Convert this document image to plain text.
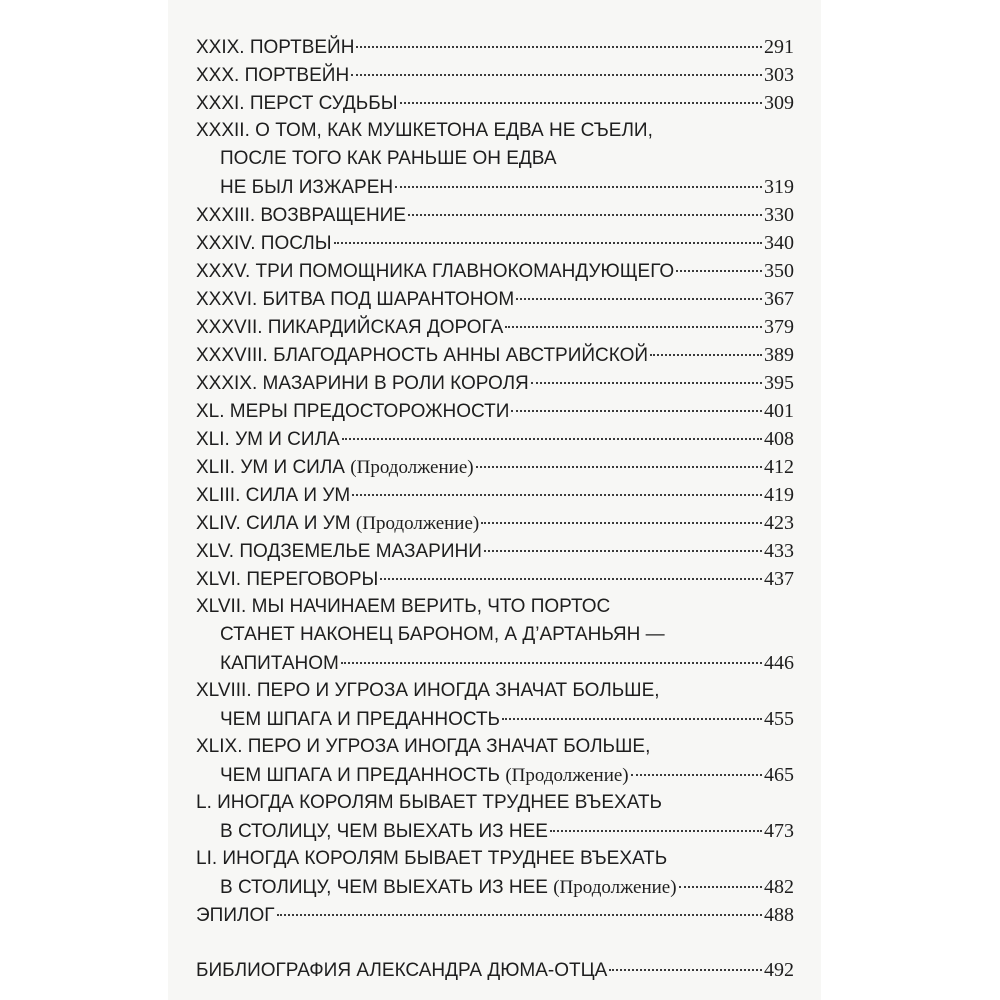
XXIX. ПОРТВЕЙН	291
XXX. ПОРТВЕЙН	303
XXXI. ПЕРСТ СУДЬБЫ	309
XXXII. О ТОМ, КАК МУШКЕТОНА ЕДВА НЕ СЪЕЛИ,
ПОСЛЕ ТОГО КАК РАНЬШЕ ОН ЕДВА
НЕ БЫЛ ИЗЖАРЕН	319
XXXIII. ВОЗВРАЩЕНИЕ	330
XXXIV. ПОСЛЫ	340
XXXV. ТРИ ПОМОЩНИКА ГЛАВНОКОМАНДУЮЩЕГО	350
XXXVI. БИТВА ПОД ШАРАНТОНОМ	367
XXXVII. ПИКАРДИЙСКАЯ ДОРОГА	379
XXXVIII. БЛАГОДАРНОСТЬ АННЫ АВСТРИЙСКОЙ	389
XXXIX. МАЗАРИНИ В РОЛИ КОРОЛЯ	395
XL. МЕРЫ ПРЕДОСТОРОЖНОСТИ	401
XLI. УМ И СИЛА	408
XLII. УМ И СИЛА (Продолжение)	412
XLIII. СИЛА И УМ	419
XLIV. СИЛА И УМ (Продолжение)	423
XLV. ПОДЗЕМЕЛЬЕ МАЗАРИНИ	433
XLVI. ПЕРЕГОВОРЫ	437
XLVII. МЫ НАЧИНАЕМ ВЕРИТЬ, ЧТО ПОРТОС
СТАНЕТ НАКОНЕЦ БАРОНОМ, А Д’АРТАНЬЯН —
КАПИТАНОМ	446
XLVIII. ПЕРО И УГРОЗА ИНОГДА ЗНАЧАТ БОЛЬШЕ,
ЧЕМ ШПАГА И ПРЕДАННОСТЬ	455
XLIX. ПЕРО И УГРОЗА ИНОГДА ЗНАЧАТ БОЛЬШЕ,
ЧЕМ ШПАГА И ПРЕДАННОСТЬ (Продолжение)	465
L. ИНОГДА КОРОЛЯМ БЫВАЕТ ТРУДНЕЕ ВЪЕХАТЬ
В СТОЛИЦУ, ЧЕМ ВЫЕХАТЬ ИЗ НЕЕ	473
LI. ИНОГДА КОРОЛЯМ БЫВАЕТ ТРУДНЕЕ ВЪЕХАТЬ
В СТОЛИЦУ, ЧЕМ ВЫЕХАТЬ ИЗ НЕЕ (Продолжение)	482
ЭПИЛОГ	488
БИБЛИОГРАФИЯ АЛЕКСАНДРА ДЮМА-ОТЦА	492
